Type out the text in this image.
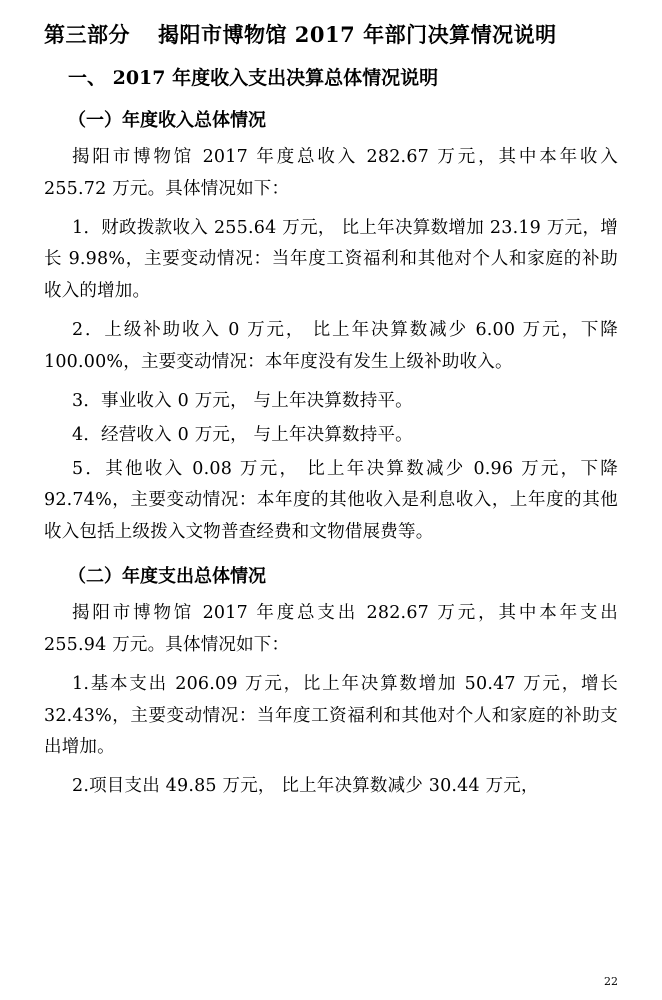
第三部分 揭阳市博物馆 2017 年部门决算情况说明
一、 2017 年度收入支出决算总体情况说明
（一）年度收入总体情况

揭阳市博物馆 2017 年度总收入 282.67 万元，其中本年收入 255.72 万元。具体情况如下：

1．财政拨款收入 255.64 万元， 比上年决算数增加 23.19 万元，增长 9.98%，主要变动情况：当年度工资福利和其他对个人和家庭的补助收入的增加。

2．上级补助收入 0 万元， 比上年决算数减少 6.00 万元，下降 100.00%，主要变动情况：本年度没有发生上级补助收入。

3．事业收入 0 万元， 与上年决算数持平。

4．经营收入 0 万元， 与上年决算数持平。

5．其他收入 0.08 万元， 比上年决算数减少 0.96 万元，下降 92.74%，主要变动情况：本年度的其他收入是利息收入，上年度的其他收入包括上级拨入文物普查经费和文物借展费等。

（二）年度支出总体情况

揭阳市博物馆 2017 年度总支出 282.67 万元，其中本年支出 255.94 万元。具体情况如下：

1.基本支出 206.09 万元，比上年决算数增加 50.47 万元，增长 32.43%，主要变动情况：当年度工资福利和其他对个人和家庭的补助支出增加。

2.项目支出 49.85 万元， 比上年决算数减少 30.44 万元，

22
